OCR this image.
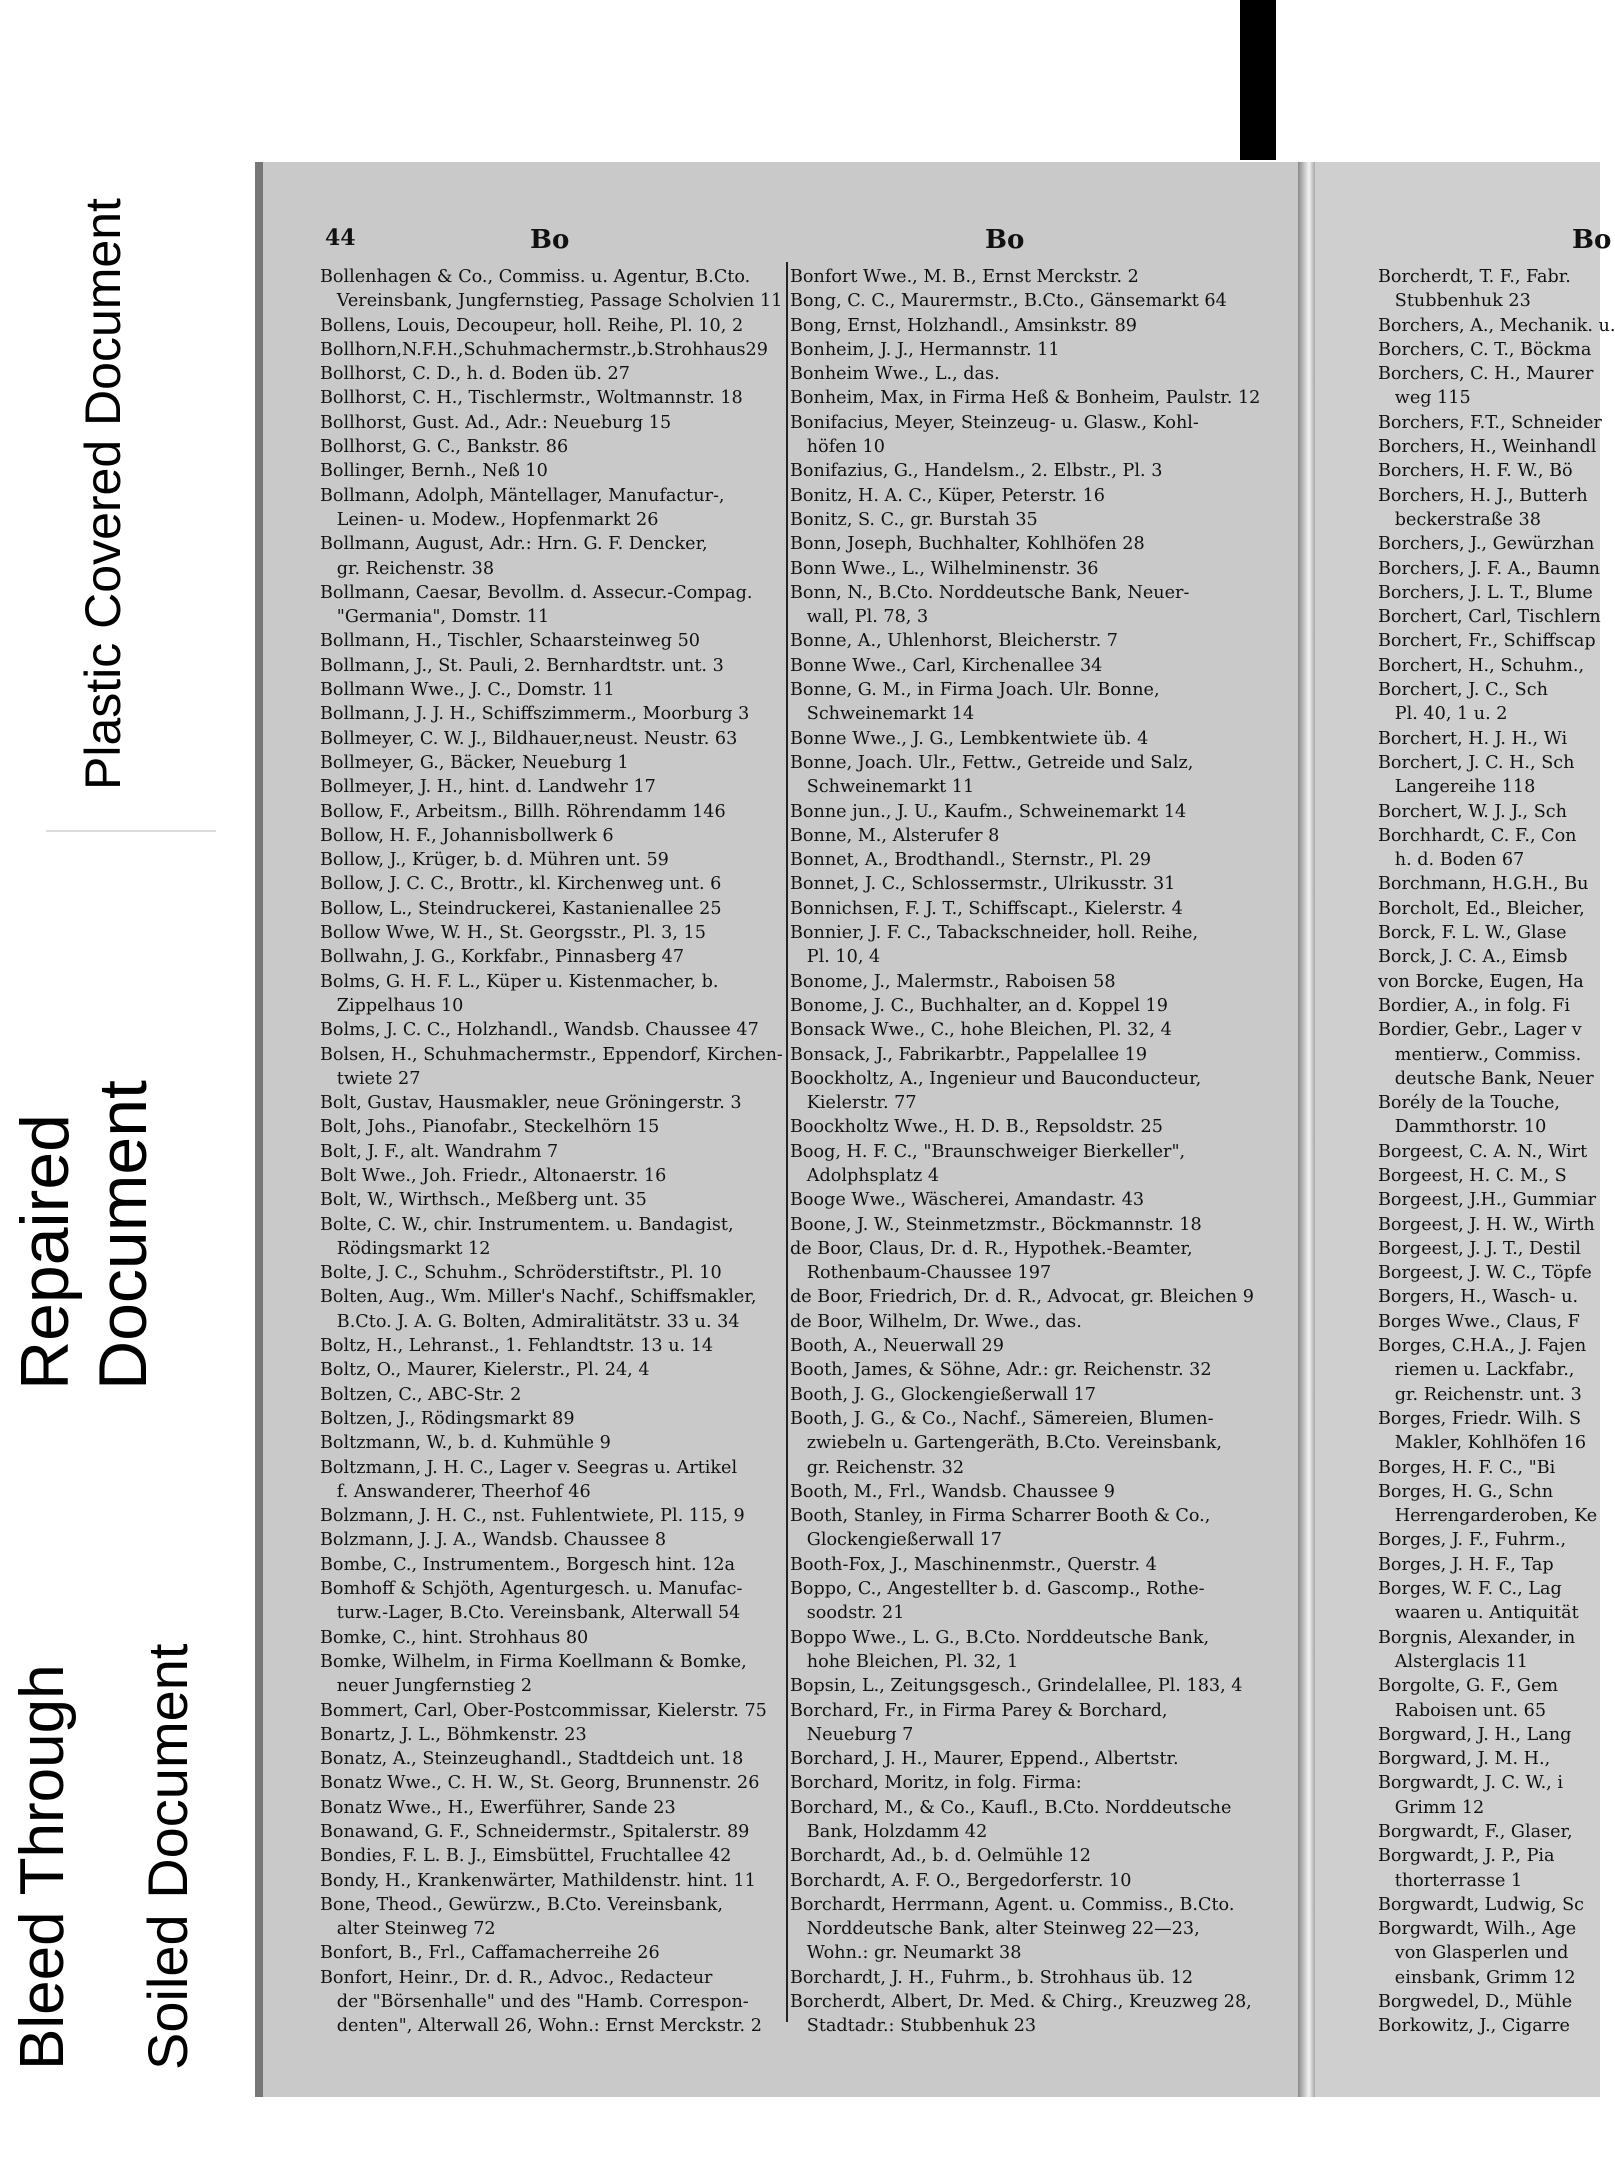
Plastic Covered Document
Repaired Document
Bleed Through Soiled Document
44	Bo	Bo	Bo
Bollenhagen & Co., Commiss. u. Agentur, B.Cto.
Vereinsbank, Jungfernstieg, Passage Scholvien 11
Bollens, Louis, Decoupeur, holl. Reihe, Pl. 10, 2
Bollhorn,N.F.H.,Schuhmachermstr.,b.Strohhaus29
Bollhorst, C. D., h. d. Boden üb. 27
Bollhorst, C. H., Tischlermstr., Woltmannstr. 18
Bollhorst, Gust. Ad., Adr.: Neueburg 15
Bollhorst, G. C., Bankstr. 86
Bollinger, Bernh., Neß 10
Bollmann, Adolph, Mäntellager, Manufactur-,
Leinen- u. Modew., Hopfenmarkt 26
Bollmann, August, Adr.: Hrn. G. F. Dencker,
gr. Reichenstr. 38
Bollmann, Caesar, Bevollm. d. Assecur.-Compag.
"Germania", Domstr. 11
Bollmann, H., Tischler, Schaarsteinweg 50
Bollmann, J., St. Pauli, 2. Bernhardtstr. unt. 3
Bollmann Wwe., J. C., Domstr. 11
Bollmann, J. J. H., Schiffszimmerm., Moorburg 3
Bollmeyer, C. W. J., Bildhauer,neust. Neustr. 63
Bollmeyer, G., Bäcker, Neueburg 1
Bollmeyer, J. H., hint. d. Landwehr 17
Bollow, F., Arbeitsm., Billh. Röhrendamm 146
Bollow, H. F., Johannisbollwerk 6
Bollow, J., Krüger, b. d. Mühren unt. 59
Bollow, J. C. C., Brottr., kl. Kirchenweg unt. 6
Bollow, L., Steindruckerei, Kastanienallee 25
Bollow Wwe, W. H., St. Georgsstr., Pl. 3, 15
Bollwahn, J. G., Korkfabr., Pinnasberg 47
Bolms, G. H. F. L., Küper u. Kistenmacher, b.
Zippelhaus 10
Bolms, J. C. C., Holzhandl., Wandsb. Chaussee 47
Bolsen, H., Schuhmachermstr., Eppendorf, Kirchen-
twiete 27
Bolt, Gustav, Hausmakler, neue Gröningerstr. 3
Bolt, Johs., Pianofabr., Steckelhörn 15
Bolt, J. F., alt. Wandrahm 7
Bolt Wwe., Joh. Friedr., Altonaerstr. 16
Bolt, W., Wirthsch., Meßberg unt. 35
Bolte, C. W., chir. Instrumentem. u. Bandagist,
Rödingsmarkt 12
Bolte, J. C., Schuhm., Schröderstiftstr., Pl. 10
Bolten, Aug., Wm. Miller's Nachf., Schiffsmakler,
B.Cto. J. A. G. Bolten, Admiralitätstr. 33 u. 34
Boltz, H., Lehranst., 1. Fehlandtstr. 13 u. 14
Boltz, O., Maurer, Kielerstr., Pl. 24, 4
Boltzen, C., ABC-Str. 2
Boltzen, J., Rödingsmarkt 89
Boltzmann, W., b. d. Kuhmühle 9
Boltzmann, J. H. C., Lager v. Seegras u. Artikel
f. Answanderer, Theerhof 46
Bolzmann, J. H. C., nst. Fuhlentwiete, Pl. 115, 9
Bolzmann, J. J. A., Wandsb. Chaussee 8
Bombe, C., Instrumentem., Borgesch hint. 12a
Bomhoff & Schjöth, Agenturgesch. u. Manufac-
turw.-Lager, B.Cto. Vereinsbank, Alterwall 54
Bomke, C., hint. Strohhaus 80
Bomke, Wilhelm, in Firma Koellmann & Bomke,
neuer Jungfernstieg 2
Bommert, Carl, Ober-Postcommissar, Kielerstr. 75
Bonartz, J. L., Böhmkenstr. 23
Bonatz, A., Steinzeughandl., Stadtdeich unt. 18
Bonatz Wwe., C. H. W., St. Georg, Brunnenstr. 26
Bonatz Wwe., H., Ewerführer, Sande 23
Bonawand, G. F., Schneidermstr., Spitalerstr. 89
Bondies, F. L. B. J., Eimsbüttel, Fruchtallee 42
Bondy, H., Krankenwärter, Mathildenstr. hint. 11
Bone, Theod., Gewürzw., B.Cto. Vereinsbank,
alter Steinweg 72
Bonfort, B., Frl., Caffamacherreihe 26
Bonfort, Heinr., Dr. d. R., Advoc., Redacteur
der "Börsenhalle" und des "Hamb. Correspon-
denten", Alterwall 26, Wohn.: Ernst Merckstr. 2
Bonfort Wwe., M. B., Ernst Merckstr. 2
Bong, C. C., Maurermstr., B.Cto., Gänsemarkt 64
Bong, Ernst, Holzhandl., Amsinkstr. 89
Bonheim, J. J., Hermannstr. 11
Bonheim Wwe., L., das.
Bonheim, Max, in Firma Heß & Bonheim, Paulstr. 12
Bonifacius, Meyer, Steinzeug- u. Glasw., Kohl-
höfen 10
Bonifazius, G., Handelsm., 2. Elbstr., Pl. 3
Bonitz, H. A. C., Küper, Peterstr. 16
Bonitz, S. C., gr. Burstah 35
Bonn, Joseph, Buchhalter, Kohlhöfen 28
Bonn Wwe., L., Wilhelminenstr. 36
Bonn, N., B.Cto. Norddeutsche Bank, Neuer-
wall, Pl. 78, 3
Bonne, A., Uhlenhorst, Bleicherstr. 7
Bonne Wwe., Carl, Kirchenallee 34
Bonne, G. M., in Firma Joach. Ulr. Bonne,
Schweinemarkt 14
Bonne Wwe., J. G., Lembkentwiete üb. 4
Bonne, Joach. Ulr., Fettw., Getreide und Salz,
Schweinemarkt 11
Bonne jun., J. U., Kaufm., Schweinemarkt 14
Bonne, M., Alsterufer 8
Bonnet, A., Brodthandl., Sternstr., Pl. 29
Bonnet, J. C., Schlossermstr., Ulrikusstr. 31
Bonnichsen, F. J. T., Schiffscapt., Kielerstr. 4
Bonnier, J. F. C., Tabackschneider, holl. Reihe,
Pl. 10, 4
Bonome, J., Malermstr., Raboisen 58
Bonome, J. C., Buchhalter, an d. Koppel 19
Bonsack Wwe., C., hohe Bleichen, Pl. 32, 4
Bonsack, J., Fabrikarbtr., Pappelallee 19
Boockholtz, A., Ingenieur und Bauconducteur,
Kielerstr. 77
Boockholtz Wwe., H. D. B., Repsoldstr. 25
Boog, H. F. C., "Braunschweiger Bierkeller",
Adolphsplatz 4
Booge Wwe., Wäscherei, Amandastr. 43
Boone, J. W., Steinmetzmstr., Böckmannstr. 18
de Boor, Claus, Dr. d. R., Hypothek.-Beamter,
Rothenbaum-Chaussee 197
de Boor, Friedrich, Dr. d. R., Advocat, gr. Bleichen 9
de Boor, Wilhelm, Dr. Wwe., das.
Booth, A., Neuerwall 29
Booth, James, & Söhne, Adr.: gr. Reichenstr. 32
Booth, J. G., Glockengießerwall 17
Booth, J. G., & Co., Nachf., Sämereien, Blumen-
zwiebeln u. Gartengeräth, B.Cto. Vereinsbank,
gr. Reichenstr. 32
Booth, M., Frl., Wandsb. Chaussee 9
Booth, Stanley, in Firma Scharrer Booth & Co.,
Glockengießerwall 17
Booth-Fox, J., Maschinenmstr., Querstr. 4
Boppo, C., Angestellter b. d. Gascomp., Rothe-
soodstr. 21
Boppo Wwe., L. G., B.Cto. Norddeutsche Bank,
hohe Bleichen, Pl. 32, 1
Bopsin, L., Zeitungsgesch., Grindelallee, Pl. 183, 4
Borchard, Fr., in Firma Parey & Borchard,
Neueburg 7
Borchard, J. H., Maurer, Eppend., Albertstr.
Borchard, Moritz, in folg. Firma:
Borchard, M., & Co., Kaufl., B.Cto. Norddeutsche
Bank, Holzdamm 42
Borchardt, Ad., b. d. Oelmühle 12
Borchardt, A. F. O., Bergedorferstr. 10
Borchardt, Herrmann, Agent. u. Commiss., B.Cto.
Norddeutsche Bank, alter Steinweg 22—23,
Wohn.: gr. Neumarkt 38
Borchardt, J. H., Fuhrm., b. Strohhaus üb. 12
Borcherdt, Albert, Dr. Med. & Chirg., Kreuzweg 28,
Stadtadr.: Stubbenhuk 23
Borcherdt, T. F., Fabr.
Stubbenhuk 23
Borchers, A., Mechanik. u.
Borchers, C. T., Böckma
Borchers, C. H., Maurer
weg 115
Borchers, F.T., Schneider
Borchers, H., Weinhandl
Borchers, H. F. W., Bö
Borchers, H. J., Butterh
beckerstraße 38
Borchers, J., Gewürzhan
Borchers, J. F. A., Baumn
Borchers, J. L. T., Blume
Borchert, Carl, Tischlern
Borchert, Fr., Schiffscap
Borchert, H., Schuhm.,
Borchert, J. C., Sch
Pl. 40, 1 u. 2
Borchert, H. J. H., Wi
Borchert, J. C. H., Sch
Langereihe 118
Borchert, W. J. J., Sch
Borchhardt, C. F., Con
h. d. Boden 67
Borchmann, H.G.H., Bu
Borcholt, Ed., Bleicher,
Borck, F. L. W., Glase
Borck, J. C. A., Eimsb
von Borcke, Eugen, Ha
Bordier, A., in folg. Fi
Bordier, Gebr., Lager v
mentierw., Commiss.
deutsche Bank, Neuer
Borély de la Touche,
Dammthorstr. 10
Borgeest, C. A. N., Wirt
Borgeest, H. C. M., S
Borgeest, J.H., Gummiar
Borgeest, J. H. W., Wirth
Borgeest, J. J. T., Destil
Borgeest, J. W. C., Töpfe
Borgers, H., Wasch- u.
Borges Wwe., Claus, F
Borges, C.H.A., J. Fajen
riemen u. Lackfabr.,
gr. Reichenstr. unt. 3
Borges, Friedr. Wilh. S
Makler, Kohlhöfen 16
Borges, H. F. C., "Bi
Borges, H. G., Schn
Herrengarderoben, Ke
Borges, J. F., Fuhrm.,
Borges, J. H. F., Tap
Borges, W. F. C., Lag
waaren u. Antiquität
Borgnis, Alexander, in
Alsterglacis 11
Borgolte, G. F., Gem
Raboisen unt. 65
Borgward, J. H., Lang
Borgward, J. M. H.,
Borgwardt, J. C. W., i
Grimm 12
Borgwardt, F., Glaser,
Borgwardt, J. P., Pia
thorterrasse 1
Borgwardt, Ludwig, Sc
Borgwardt, Wilh., Age
von Glasperlen und
einsbank, Grimm 12
Borgwedel, D., Mühle
Borkowitz, J., Cigarre
